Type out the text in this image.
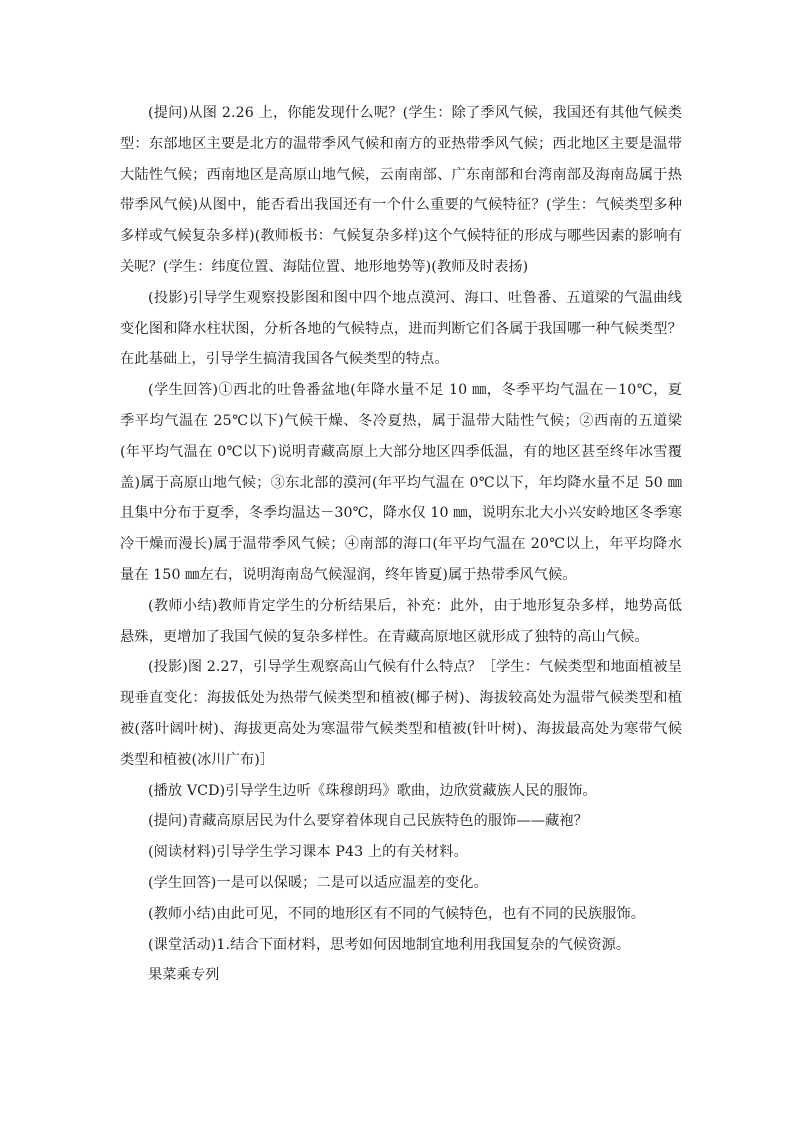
(提问)从图 2.26 上，你能发现什么呢？(学生：除了季风气候，我国还有其他气候类型：东部地区主要是北方的温带季风气候和南方的亚热带季风气候；西北地区主要是温带大陆性气候；西南地区是高原山地气候，云南南部、广东南部和台湾南部及海南岛属于热带季风气候)从图中，能否看出我国还有一个什么重要的气候特征？(学生：气候类型多种多样或气候复杂多样)(教师板书：气候复杂多样)这个气候特征的形成与哪些因素的影响有关呢？(学生：纬度位置、海陆位置、地形地势等)(教师及时表扬)

(投影)引导学生观察投影图和图中四个地点漠河、海口、吐鲁番、五道梁的气温曲线变化图和降水柱状图，分析各地的气候特点，进而判断它们各属于我国哪一种气候类型？在此基础上，引导学生搞清我国各气候类型的特点。

(学生回答)①西北的吐鲁番盆地(年降水量不足 10 ㎜，冬季平均气温在－10℃，夏季平均气温在 25℃以下)气候干燥、冬冷夏热，属于温带大陆性气候；②西南的五道梁(年平均气温在 0℃以下)说明青藏高原上大部分地区四季低温，有的地区甚至终年冰雪覆盖)属于高原山地气候；③东北部的漠河(年平均气温在 0℃以下，年均降水量不足 50 ㎜且集中分布于夏季，冬季均温达－30℃，降水仅 10 ㎜，说明东北大小兴安岭地区冬季寒冷干燥而漫长)属于温带季风气候；④南部的海口(年平均气温在 20℃以上，年平均降水量在 150 ㎜左右，说明海南岛气候湿润，终年皆夏)属于热带季风气候。

(教师小结)教师肯定学生的分析结果后，补充：此外，由于地形复杂多样，地势高低悬殊，更增加了我国气候的复杂多样性。在青藏高原地区就形成了独特的高山气候。

(投影)图 2.27，引导学生观察高山气候有什么特点？［学生：气候类型和地面植被呈现垂直变化：海拔低处为热带气候类型和植被(椰子树)、海拔较高处为温带气候类型和植被(落叶阔叶树)、海拔更高处为寒温带气候类型和植被(针叶树)、海拔最高处为寒带气候类型和植被(冰川广布)］

(播放 VCD)引导学生边听《珠穆朗玛》歌曲，边欣赏藏族人民的服饰。

(提问)青藏高原居民为什么要穿着体现自己民族特色的服饰——藏袍？

(阅读材料)引导学生学习课本 P43 上的有关材料。

(学生回答)一是可以保暖；二是可以适应温差的变化。

(教师小结)由此可见，不同的地形区有不同的气候特色，也有不同的民族服饰。

(课堂活动)1.结合下面材料，思考如何因地制宜地利用我国复杂的气候资源。

果菜乘专列
